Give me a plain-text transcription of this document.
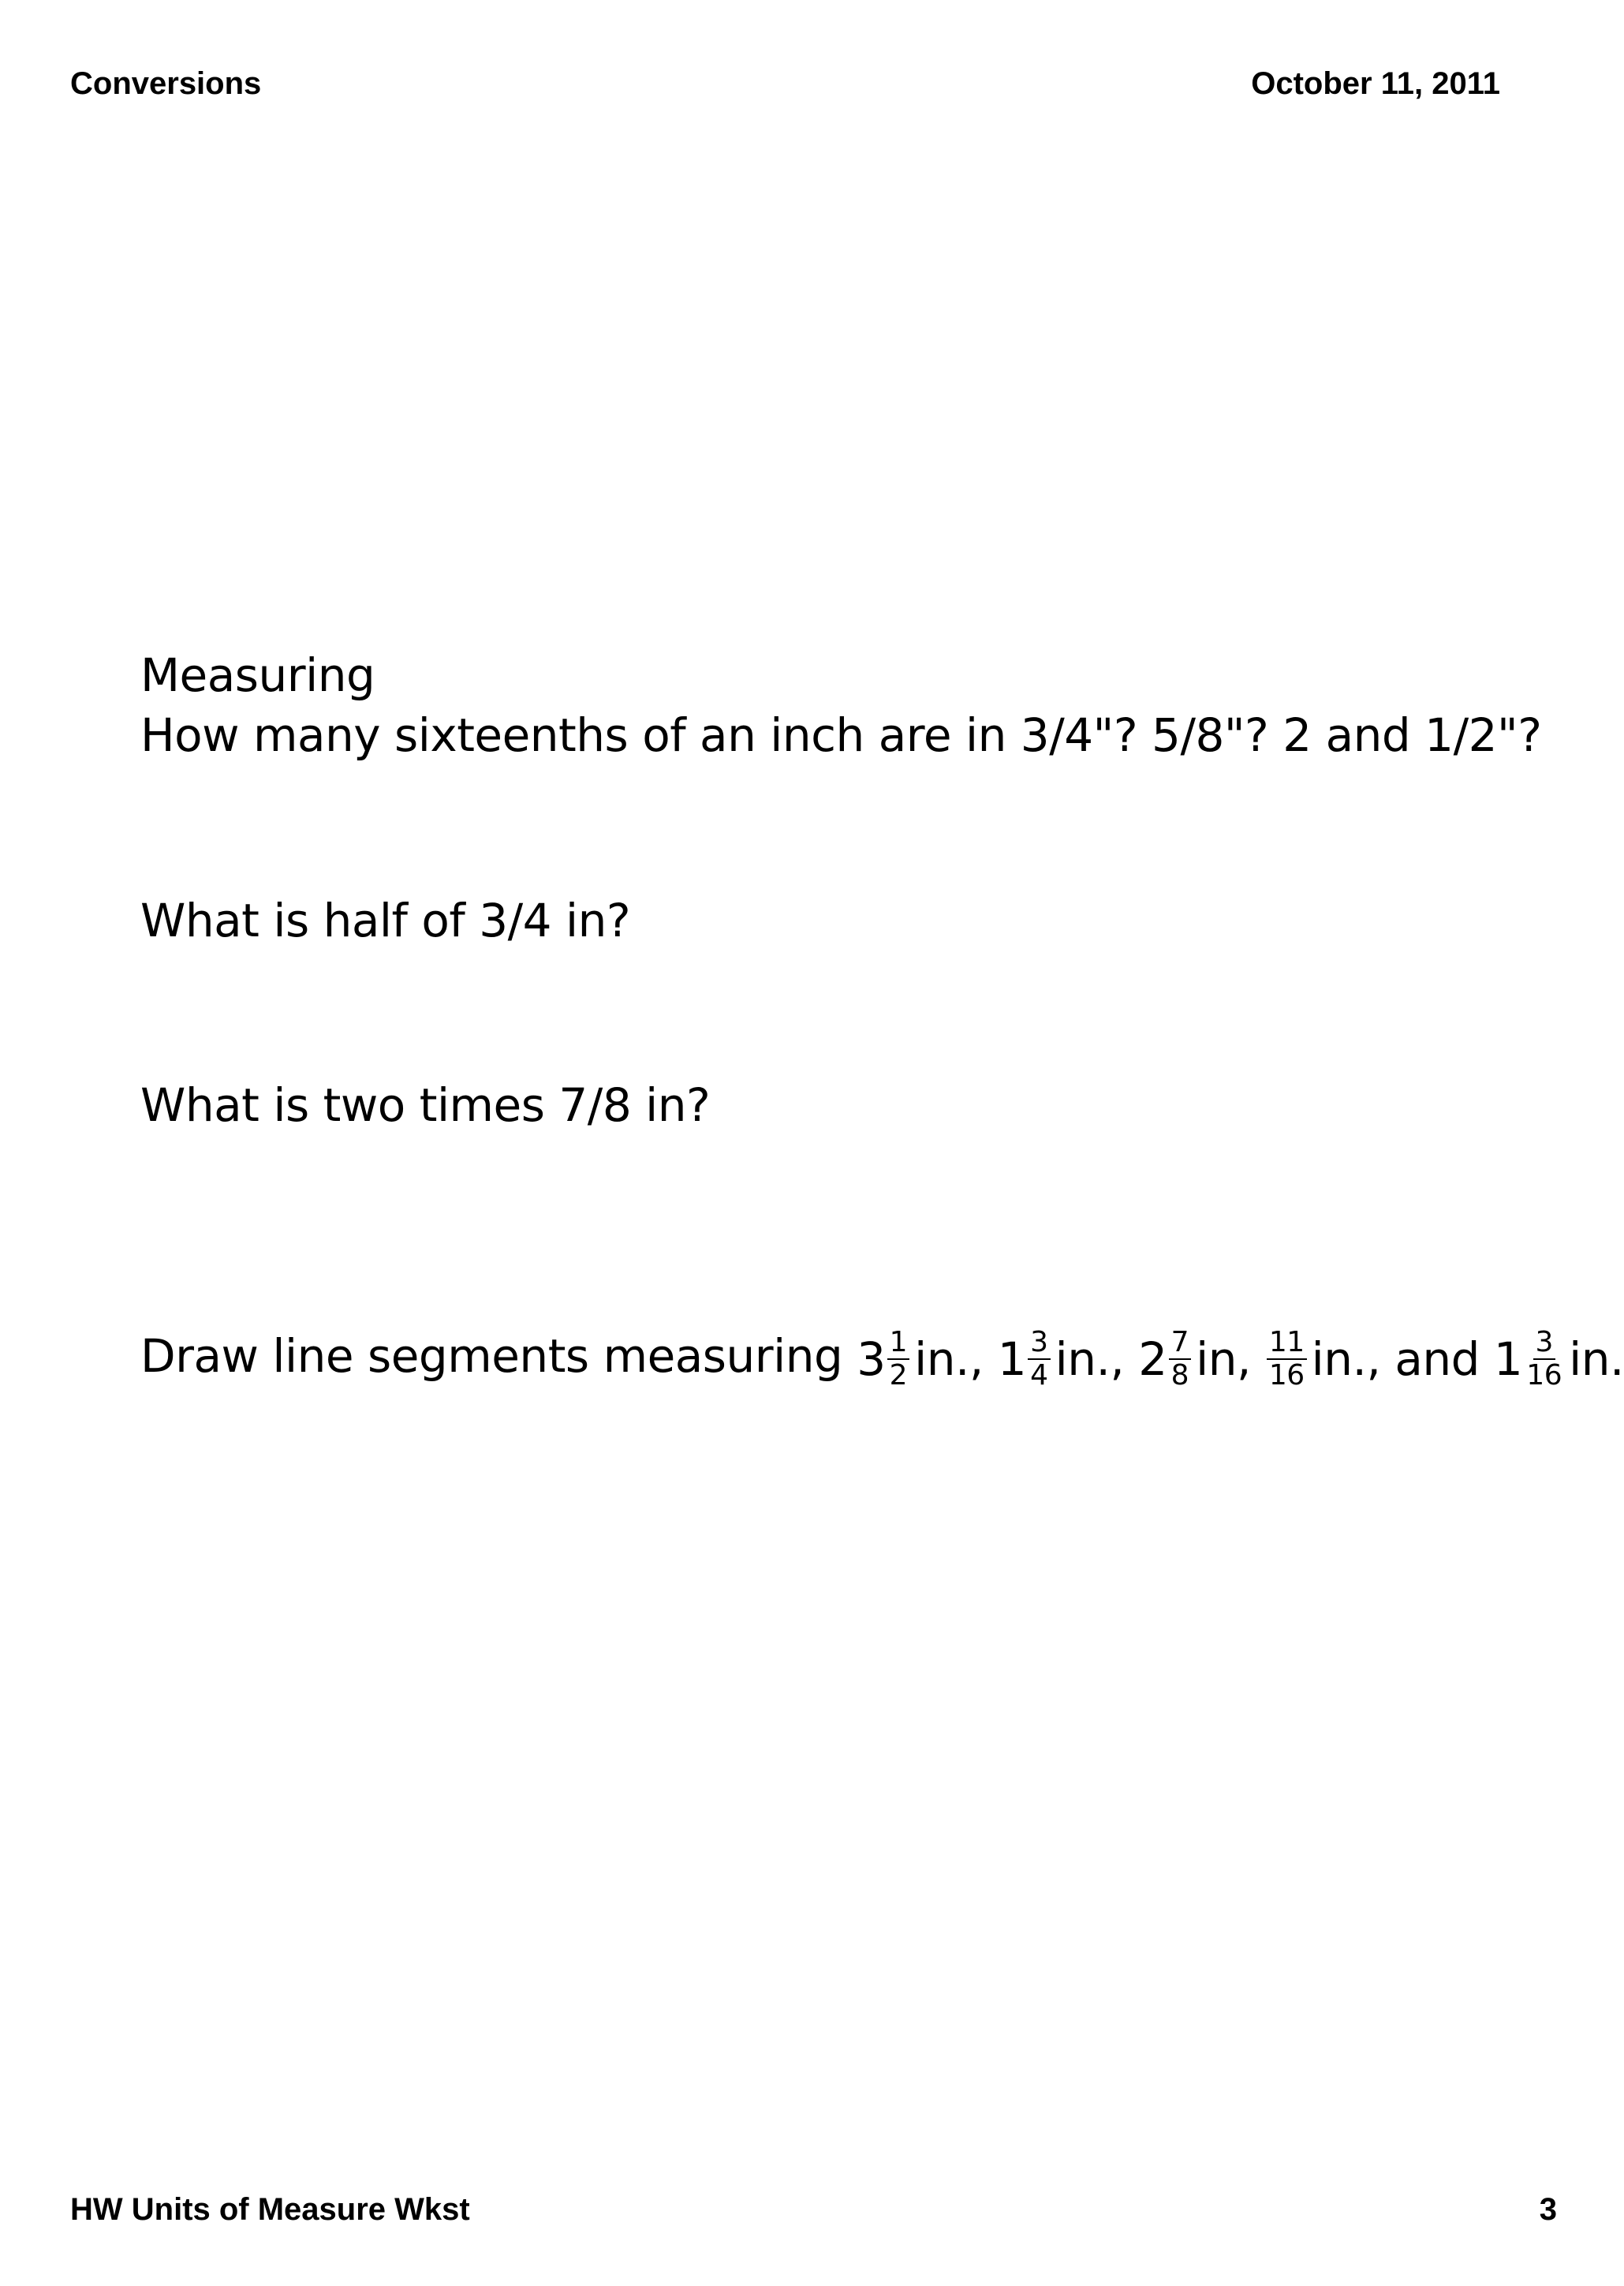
Conversions	October 11, 2011
Measuring
How many sixteenths of an inch are in 3/4"? 5/8"? 2 and 1/2"?
What is half of 3/4 in?
What is two times 7/8 in?
Draw line segments measuring $3 \frac{1}{2}$ in.,
$1 \frac{3}{4}$ in.,
$2 \frac{7}{8}$ in,
$\frac{11}{16}$ in., and
$1 \frac{3}{16}$ in.
HW Units of Measure Wkst	3
